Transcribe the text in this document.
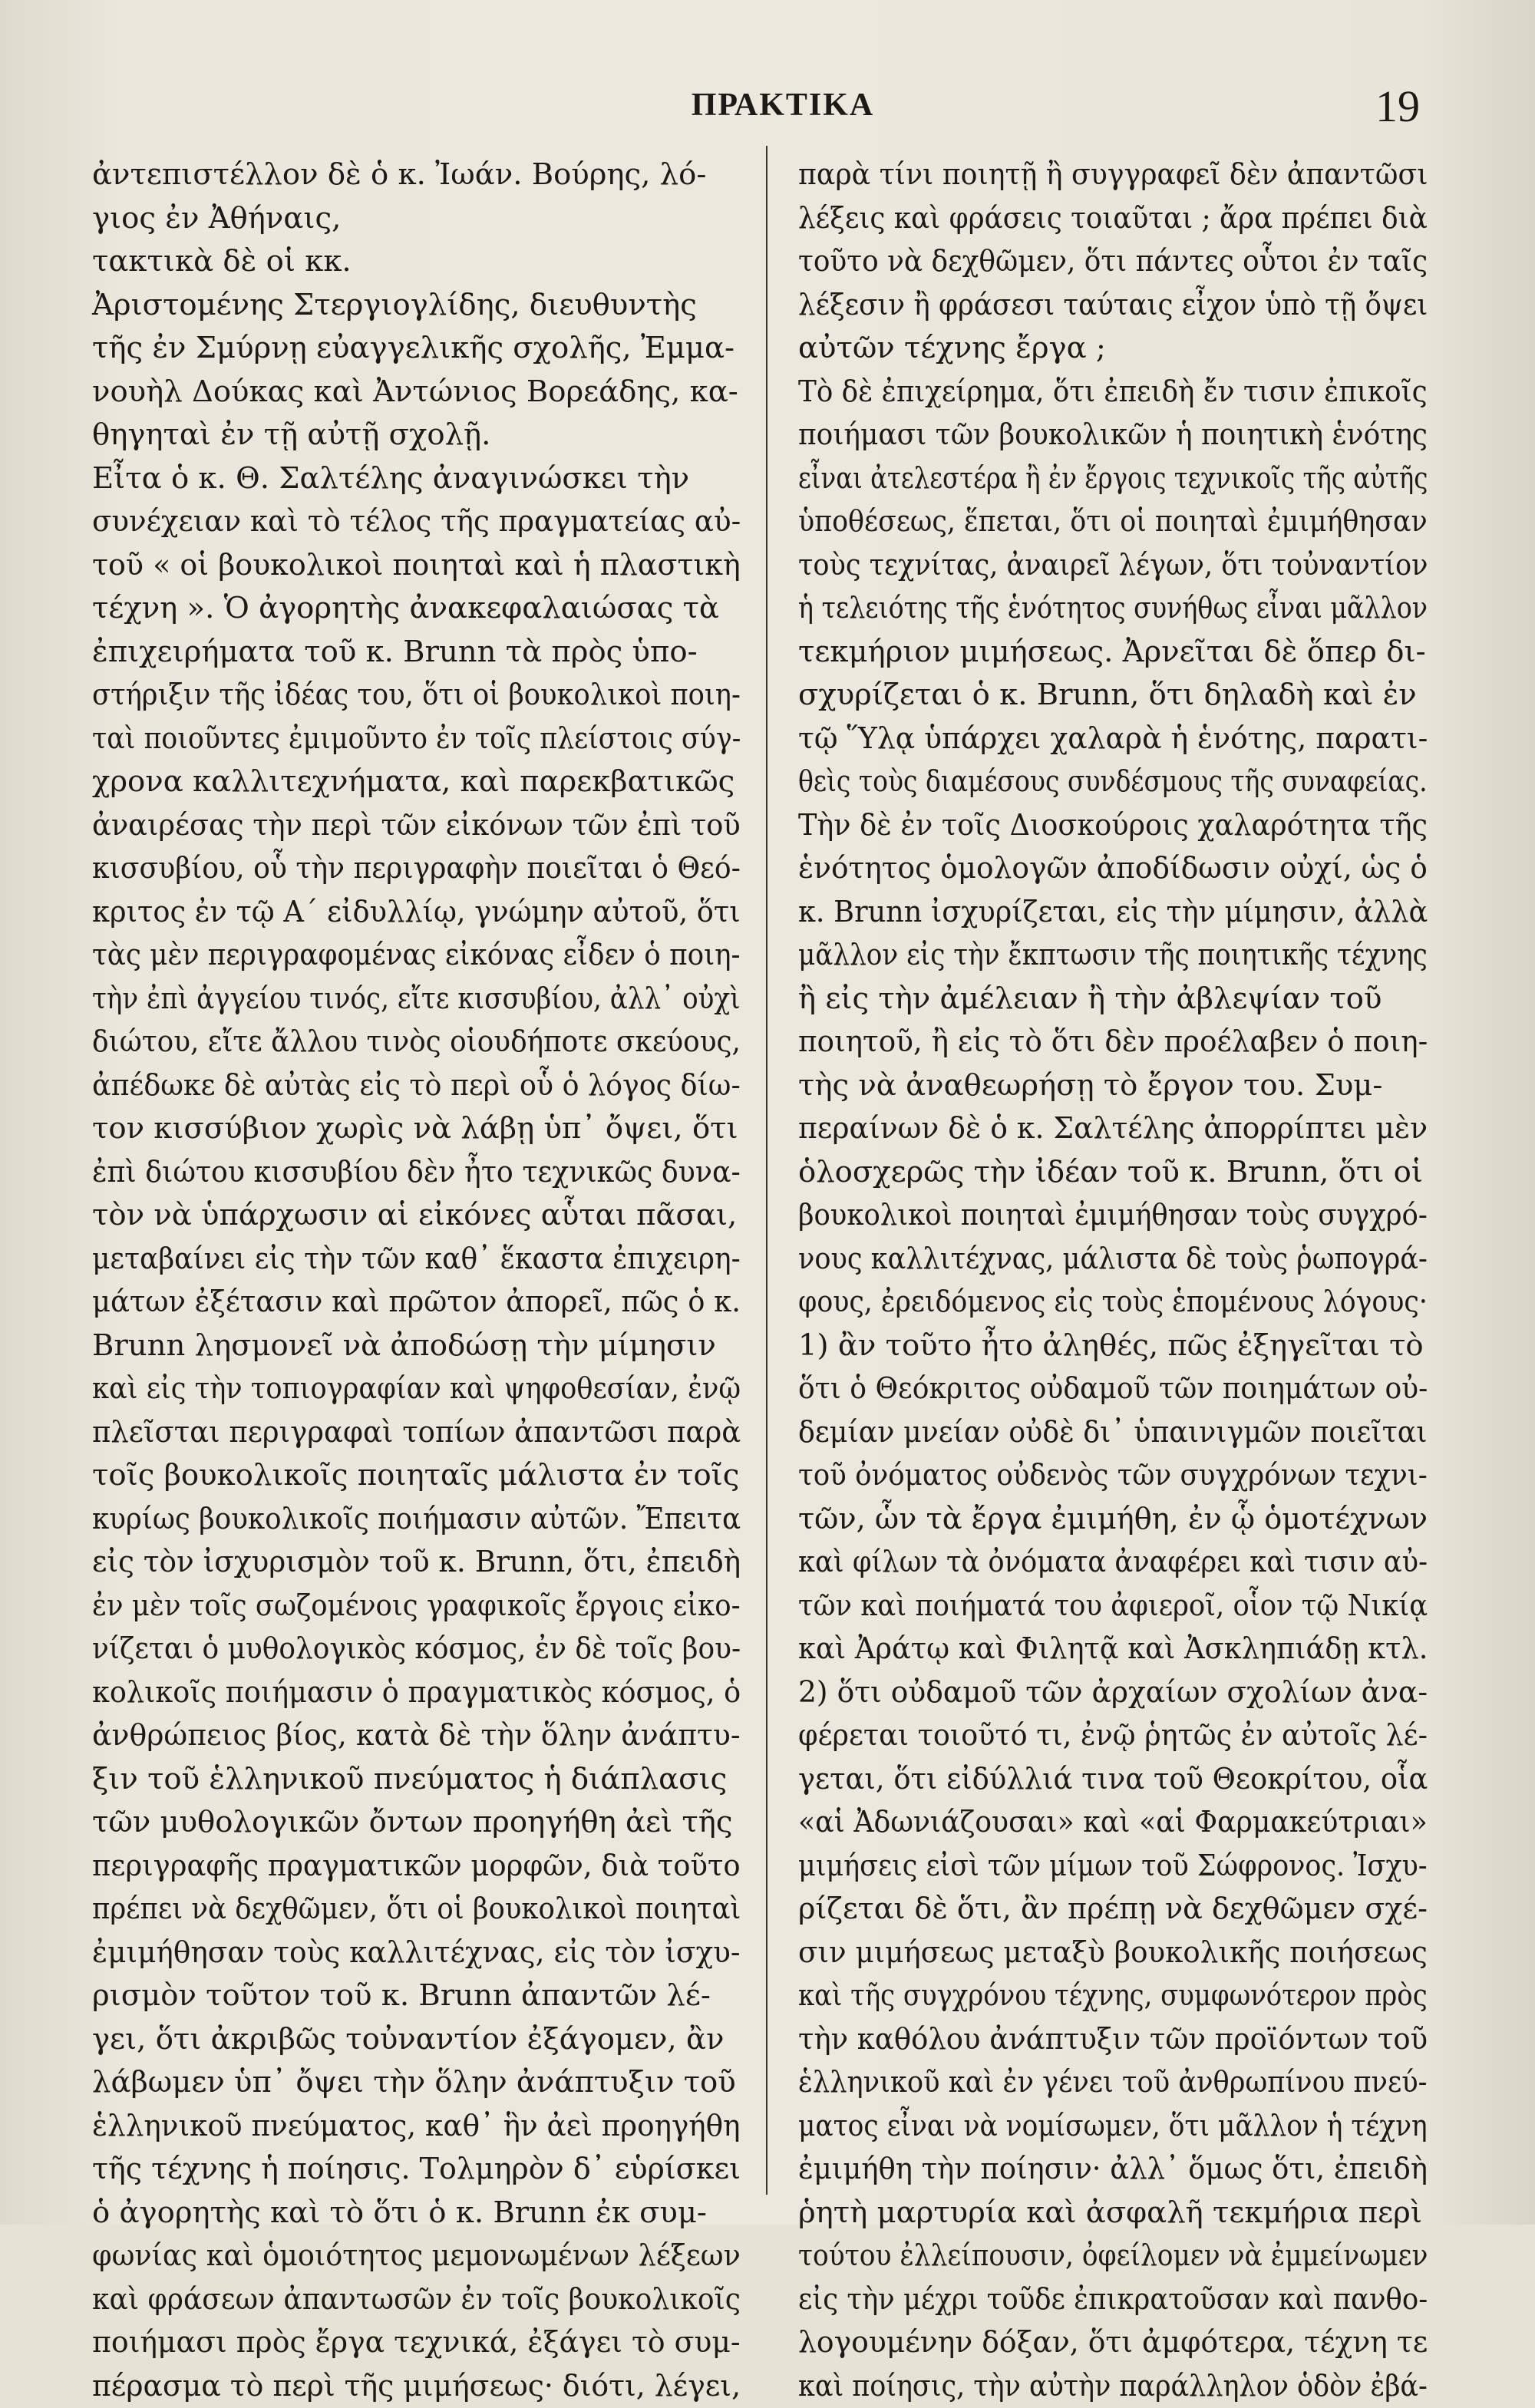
ΠΡΑΚΤΙΚΑ	19
ἀντεπιστέλλον δὲ ὁ κ. Ἰωάν. Βούρης, λό-
γιος ἐν Ἀθήναις,
τακτικὰ δὲ οἱ κκ.
Ἀριστομένης Στεργιογλίδης, διευθυντὴς
τῆς ἐν Σμύρνῃ εὐαγγελικῆς σχολῆς, Ἐμμα-
νουὴλ Δούκας καὶ Ἀντώνιος Βορεάδης, κα-
θηγηταὶ ἐν τῇ αὐτῇ σχολῇ.
Εἶτα ὁ κ. Θ. Σαλτέλης ἀναγινώσκει τὴν
συνέχειαν καὶ τὸ τέλος τῆς πραγματείας αὐ-
τοῦ « οἱ βουκολικοὶ ποιηταὶ καὶ ἡ πλαστικὴ
τέχνη ». Ὁ ἀγορητὴς ἀνακεφαλαιώσας τὰ
ἐπιχειρήματα τοῦ κ. Brunn τὰ πρὸς ὑπο-
στήριξιν τῆς ἰδέας του, ὅτι οἱ βουκολικοὶ ποιη-
ταὶ ποιοῦντες ἐμιμοῦντο ἐν τοῖς πλείστοις σύγ-
χρονα καλλιτεχνήματα, καὶ παρεκβατικῶς
ἀναιρέσας τὴν περὶ τῶν εἰκόνων τῶν ἐπὶ τοῦ
κισσυβίου, οὗ τὴν περιγραφὴν ποιεῖται ὁ Θεό-
κριτος ἐν τῷ Α΄ εἰδυλλίῳ, γνώμην αὐτοῦ, ὅτι
τὰς μὲν περιγραφομένας εἰκόνας εἶδεν ὁ ποιη-
τὴν ἐπὶ ἀγγείου τινός, εἴτε κισσυβίου, ἀλλ᾽ οὐχὶ
διώτου, εἴτε ἄλλου τινὸς οἱουδήποτε σκεύους,
ἀπέδωκε δὲ αὐτὰς εἰς τὸ περὶ οὗ ὁ λόγος δίω-
τον κισσύβιον χωρὶς νὰ λάβῃ ὑπ᾽ ὄψει, ὅτι
ἐπὶ διώτου κισσυβίου δὲν ἦτο τεχνικῶς δυνα-
τὸν νὰ ὑπάρχωσιν αἱ εἰκόνες αὗται πᾶσαι,
μεταβαίνει εἰς τὴν τῶν καθ᾽ ἕκαστα ἐπιχειρη-
μάτων ἐξέτασιν καὶ πρῶτον ἀπορεῖ, πῶς ὁ κ.
Brunn λησμονεῖ νὰ ἀποδώσῃ τὴν μίμησιν
καὶ εἰς τὴν τοπιογραφίαν καὶ ψηφοθεσίαν, ἐνῷ
πλεῖσται περιγραφαὶ τοπίων ἀπαντῶσι παρὰ
τοῖς βουκολικοῖς ποιηταῖς μάλιστα ἐν τοῖς
κυρίως βουκολικοῖς ποιήμασιν αὐτῶν. Ἔπειτα
εἰς τὸν ἰσχυρισμὸν τοῦ κ. Brunn, ὅτι, ἐπειδὴ
ἐν μὲν τοῖς σωζομένοις γραφικοῖς ἔργοις εἰκο-
νίζεται ὁ μυθολογικὸς κόσμος, ἐν δὲ τοῖς βου-
κολικοῖς ποιήμασιν ὁ πραγματικὸς κόσμος, ὁ
ἀνθρώπειος βίος, κατὰ δὲ τὴν ὅλην ἀνάπτυ-
ξιν τοῦ ἑλληνικοῦ πνεύματος ἡ διάπλασις
τῶν μυθολογικῶν ὄντων προηγήθη ἀεὶ τῆς
περιγραφῆς πραγματικῶν μορφῶν, διὰ τοῦτο
πρέπει νὰ δεχθῶμεν, ὅτι οἱ βουκολικοὶ ποιηταὶ
ἐμιμήθησαν τοὺς καλλιτέχνας, εἰς τὸν ἰσχυ-
ρισμὸν τοῦτον τοῦ κ. Brunn ἀπαντῶν λέ-
γει, ὅτι ἀκριβῶς τοὐναντίον ἐξάγομεν, ἂν
λάβωμεν ὑπ᾽ ὄψει τὴν ὅλην ἀνάπτυξιν τοῦ
ἑλληνικοῦ πνεύματος, καθ᾽ ἣν ἀεὶ προηγήθη
τῆς τέχνης ἡ ποίησις. Τολμηρὸν δ᾽ εὑρίσκει
ὁ ἀγορητὴς καὶ τὸ ὅτι ὁ κ. Brunn ἐκ συμ-
φωνίας καὶ ὁμοιότητος μεμονωμένων λέξεων
καὶ φράσεων ἀπαντωσῶν ἐν τοῖς βουκολικοῖς
ποιήμασι πρὸς ἔργα τεχνικά, ἐξάγει τὸ συμ-
πέρασμα τὸ περὶ τῆς μιμήσεως· διότι, λέγει,
παρὰ τίνι ποιητῇ ἢ συγγραφεῖ δὲν ἀπαντῶσι
λέξεις καὶ φράσεις τοιαῦται ; ἄρα πρέπει διὰ
τοῦτο νὰ δεχθῶμεν, ὅτι πάντες οὗτοι ἐν ταῖς
λέξεσιν ἢ φράσεσι ταύταις εἶχον ὑπὸ τῇ ὄψει
αὐτῶν τέχνης ἔργα ;
Τὸ δὲ ἐπιχείρημα, ὅτι ἐπειδὴ ἔν τισιν ἐπικοῖς
ποιήμασι τῶν βουκολικῶν ἡ ποιητικὴ ἑνότης
εἶναι ἀτελεστέρα ἢ ἐν ἔργοις τεχνικοῖς τῆς αὐτῆς
ὑποθέσεως, ἕπεται, ὅτι οἱ ποιηταὶ ἐμιμήθησαν
τοὺς τεχνίτας, ἀναιρεῖ λέγων, ὅτι τοὐναντίον
ἡ τελειότης τῆς ἑνότητος συνήθως εἶναι μᾶλλον
τεκμήριον μιμήσεως. Ἀρνεῖται δὲ ὅπερ δι-
σχυρίζεται ὁ κ. Brunn, ὅτι δηλαδὴ καὶ ἐν
τῷ Ὕλᾳ ὑπάρχει χαλαρὰ ἡ ἑνότης, παρατι-
θεὶς τοὺς διαμέσους συνδέσμους τῆς συναφείας.
Τὴν δὲ ἐν τοῖς Διοσκούροις χαλαρότητα τῆς
ἑνότητος ὁμολογῶν ἀποδίδωσιν οὐχί, ὡς ὁ
κ. Brunn ἰσχυρίζεται, εἰς τὴν μίμησιν, ἀλλὰ
μᾶλλον εἰς τὴν ἔκπτωσιν τῆς ποιητικῆς τέχνης
ἢ εἰς τὴν ἀμέλειαν ἢ τὴν ἀβλεψίαν τοῦ
ποιητοῦ, ἢ εἰς τὸ ὅτι δὲν προέλαβεν ὁ ποιη-
τὴς νὰ ἀναθεωρήσῃ τὸ ἔργον του. Συμ-
περαίνων δὲ ὁ κ. Σαλτέλης ἀπορρίπτει μὲν
ὁλοσχερῶς τὴν ἰδέαν τοῦ κ. Brunn, ὅτι οἱ
βουκολικοὶ ποιηταὶ ἐμιμήθησαν τοὺς συγχρό-
νους καλλιτέχνας, μάλιστα δὲ τοὺς ῥωπογρά-
φους, ἐρειδόμενος εἰς τοὺς ἑπομένους λόγους·
1) ἂν τοῦτο ἦτο ἀληθές, πῶς ἐξηγεῖται τὸ
ὅτι ὁ Θεόκριτος οὐδαμοῦ τῶν ποιημάτων οὐ-
δεμίαν μνείαν οὐδὲ δι᾽ ὑπαινιγμῶν ποιεῖται
τοῦ ὀνόματος οὐδενὸς τῶν συγχρόνων τεχνι-
τῶν, ὧν τὰ ἔργα ἐμιμήθη, ἐν ᾧ ὁμοτέχνων
καὶ φίλων τὰ ὀνόματα ἀναφέρει καὶ τισιν αὐ-
τῶν καὶ ποιήματά του ἀφιεροῖ, οἷον τῷ Νικίᾳ
καὶ Ἀράτῳ καὶ Φιλητᾷ καὶ Ἀσκληπιάδῃ κτλ.
2) ὅτι οὐδαμοῦ τῶν ἀρχαίων σχολίων ἀνα-
φέρεται τοιοῦτό τι, ἐνῷ ῥητῶς ἐν αὐτοῖς λέ-
γεται, ὅτι εἰδύλλιά τινα τοῦ Θεοκρίτου, οἷα
«αἱ Ἀδωνιάζουσαι» καὶ «αἱ Φαρμακεύτριαι»
μιμήσεις εἰσὶ τῶν μίμων τοῦ Σώφρονος. Ἰσχυ-
ρίζεται δὲ ὅτι, ἂν πρέπῃ νὰ δεχθῶμεν σχέ-
σιν μιμήσεως μεταξὺ βουκολικῆς ποιήσεως
καὶ τῆς συγχρόνου τέχνης, συμφωνότερον πρὸς
τὴν καθόλου ἀνάπτυξιν τῶν προϊόντων τοῦ
ἑλληνικοῦ καὶ ἐν γένει τοῦ ἀνθρωπίνου πνεύ-
ματος εἶναι νὰ νομίσωμεν, ὅτι μᾶλλον ἡ τέχνη
ἐμιμήθη τὴν ποίησιν· ἀλλ᾽ ὅμως ὅτι, ἐπειδὴ
ῥητὴ μαρτυρία καὶ ἀσφαλῆ τεκμήρια περὶ
τούτου ἐλλείπουσιν, ὀφείλομεν νὰ ἐμμείνωμεν
εἰς τὴν μέχρι τοῦδε ἐπικρατοῦσαν καὶ πανθο-
λογουμένην δόξαν, ὅτι ἀμφότερα, τέχνη τε
καὶ ποίησις, τὴν αὐτὴν παράλληλον ὁδὸν ἐβά-
